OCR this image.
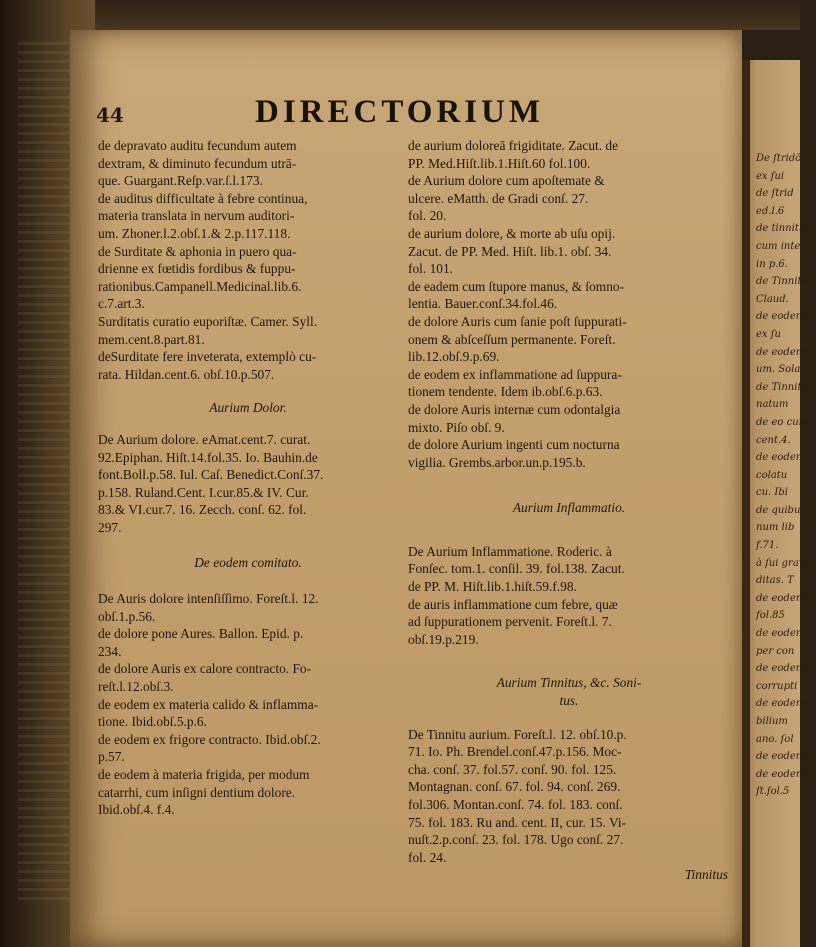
De ſtridō
ex ſui
de ſtrid
ed.l.6
de tinnitu
cum inte
in p.6.
de Tinnitu
Claud.
de eodem
ex ſu
de eodem
um. Sola
de Tinnitu
natum
de eo cum
cent.4.
de eodem
colatu
cu. Ibi
de quibuſ
num lib
f.71.
à ſui gravi
ditas. T
de eodem
fol.85
de eodem
per con
de eodem
corrupti
de eodem
bilium
ano. ſol
de eodem
de eodem
ſt.ſol.5
44	DIRECTORIUM
de depravato auditu fecundum autem
dextram, & diminuto fecundum utrā-
que. Guargant.Reſp.var.ſ.l.173.
de auditus difficultate à febre continua,
materia translata in nervum auditori-
um. Zhoner.l.2.obſ.1.& 2.p.117.118.
de Surditate & aphonia in puero qua-
drienne ex fœtidis fordibus & fuppu-
rationibus.Campanell.Medicinal.lib.6.
c.7.art.3.
Surditatis curatio euporiſtæ. Camer. Syll.
mem.cent.8.part.81.
deSurditate fere inveterata, extemplò cu-
rata. Hildan.cent.6. obſ.10.p.507.

Aurium Dolor.

De Aurium dolore. eAmat.cent.7. curat.
92.Epiphan. Hiſt.14.fol.35. Io. Bauhin.de
font.Boll.p.58. Iul. Caſ. Benedict.Conſ.37.
p.158. Ruland.Cent. I.cur.85.& IV. Cur.
83.& VI.cur.7. 16. Zecch. conſ. 62. fol.
297.

De eodem comitato.

De Auris dolore intenſiſſimo. Foreſt.l. 12.
obſ.1.p.56.
de dolore pone Aures. Ballon. Epid. p.
234.
de dolore Auris ex calore contracto. Fo-
reſt.l.12.obſ.3.
de eodem ex materia calido & inflamma-
tione. Ibid.obſ.5.p.6.
de eodem ex frigore contracto. Ibid.obſ.2.
p.57.
de eodem à materia frigida, per modum
catarrhi, cum inſigni dentium dolore.
Ibid.obſ.4. f.4.
de aurium doloreā frigiditate. Zacut. de
PP. Med.Hiſt.lib.1.Hiſt.60 fol.100.
de Aurium dolore cum apoſtemate &
ulcere. eMatth. de Gradi conſ. 27.
fol. 20.
de aurium dolore, & morte ab uſu opij.
Zacut. de PP. Med. Hiſt. lib.1. obſ. 34.
fol. 101.
de eadem cum ſtupore manus, & ſomno-
lentia. Bauer.conſ.34.fol.46.
de dolore Auris cum ſanie poſt ſuppurati-
onem & abſceſſum permanente. Foreſt.
lib.12.obſ.9.p.69.
de eodem ex inflammatione ad ſuppura-
tionem tendente. Idem ib.obſ.6.p.63.
de dolore Auris internæ cum odontalgia
mixto. Piſo obſ. 9.
de dolore Aurium ingenti cum nocturna
vigilia. Grembs.arbor.un.p.195.b.

Aurium Inflammatio.

De Aurium Inflammatione. Roderic. à
Fonſec. tom.1. conſil. 39. fol.138. Zacut.
de PP. M. Hiſt.lib.1.hiſt.59.f.98.
de auris inflammatione cum febre, quæ
ad ſuppurationem pervenit. Foreſt.l. 7.
obſ.19.p.219.

Aurium Tinnitus, &c. Soni-

tus.

De Tinnitu aurium. Foreſt.l. 12. obſ.10.p.
71. Io. Ph. Brendel.conſ.47.p.156. Moc-
cha. conſ. 37. fol.57. conſ. 90. fol. 125.
Montagnan. conſ. 67. fol. 94. conſ. 269.
fol.306. Montan.conſ. 74. fol. 183. conſ.
75. fol. 183. Ru and. cent. II, cur. 15. Vi-
nuſt.2.p.conſ. 23. fol. 178. Ugo conſ. 27.
fol. 24.

Tinnitus
